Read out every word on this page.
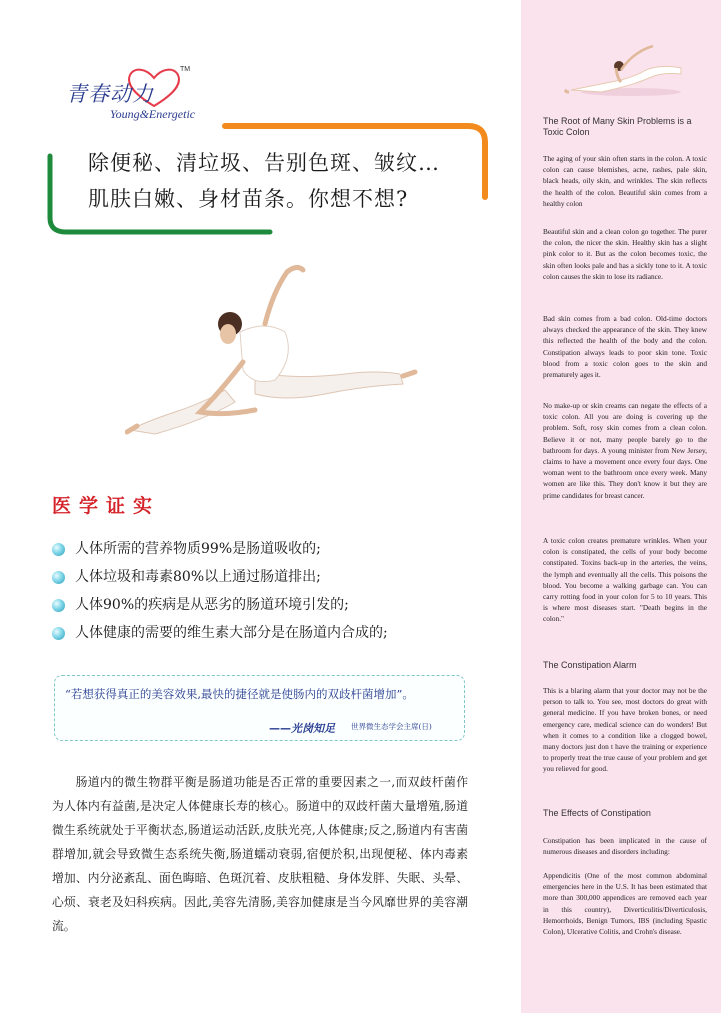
The Root of Many Skin Problems is a Toxic Colon
The aging of your skin often starts in the colon. A toxic colon can cause blemishes, acne, rashes, pale skin, black heads, oily skin, and wrinkles. The skin reflects the health of the colon. Beautiful skin comes from a healthy colon
Beautiful skin and a clean colon go together. The purer the colon, the nicer the skin. Healthy skin has a slight pink color to it. But as the colon becomes toxic, the skin often looks pale and has a sickly tone to it. A toxic colon causes the skin to lose its radiance.
Bad skin comes from a bad colon. Old-time doctors always checked the appearance of the skin. They knew this reflected the health of the body and the colon. Constipation always leads to poor skin tone. Toxic blood from a toxic colon goes to the skin and prematurely ages it.
No make-up or skin creams can negate the effects of a toxic colon. All you are doing is covering up the problem. Soft, rosy skin comes from a clean colon. Believe it or not, many people barely go to the bathroom for days. A young minister from New Jersey, claims to have a movement once every four days. One woman went to the bathroom once every week. Many women are like this. They don't know it but they are prime candidates for breast cancer.
A toxic colon creates premature wrinkles. When your colon is constipated, the cells of your body become constipated. Toxins back-up in the arteries, the veins, the lymph and eventually all the cells. This poisons the blood. You become a walking garbage can. You can carry rotting food in your colon for 5 to 10 years. This is where most diseases start. "Death begins in the colon."
The Constipation Alarm
This is a blaring alarm that your doctor may not be the person to talk to. You see, most doctors do great with general medicine. If you have broken bones, or need emergency care, medical science can do wonders! But when it comes to a condition like a clogged bowel, many doctors just don t have the training or experience to properly treat the true cause of your problem and get you relieved for good.
The Effects of Constipation
Constipation has been implicated in the cause of numerous diseases and disorders including:
Appendicitis (One of the most common abdominal emergencies here in the U.S. It has been estimated that more than 300,000 appendices are removed each year in this country), Diverticulitis/Diverticulosis, Hemorrhoids, Benign Tumors, IBS (including Spastic Colon), Ulcerative Colitis, and Crohn's disease.
青春动力
Young&Energetic
TM
除便秘、清垃圾、告别色斑、皱纹…
肌肤白嫩、身材苗条。你想不想?
医学证实
人体所需的营养物质99%是肠道吸收的;
人体垃圾和毒素80%以上通过肠道排出;
人体90%的疾病是从恶劣的肠道环境引发的;
人体健康的需要的维生素大部分是在肠道内合成的;
“若想获得真正的美容效果,最快的捷径就是使肠内的双歧杆菌增加”。
——光岗知足 世界微生态学会主席(日)
肠道内的微生物群平衡是肠道功能是否正常的重要因素之一,而双歧杆菌作为人体内有益菌,是决定人体健康长寿的核心。肠道中的双歧杆菌大量增殖,肠道微生系统就处于平衡状态,肠道运动活跃,皮肤光亮,人体健康;反之,肠道内有害菌群增加,就会导致微生态系统失衡,肠道蠕动衰弱,宿便於积,出现便秘、体内毒素增加、内分泌紊乱、面色晦暗、色斑沉着、皮肤粗糙、身体发胖、失眠、头晕、心烦、衰老及妇科疾病。因此,美容先清肠,美容加健康是当今风靡世界的美容潮流。
